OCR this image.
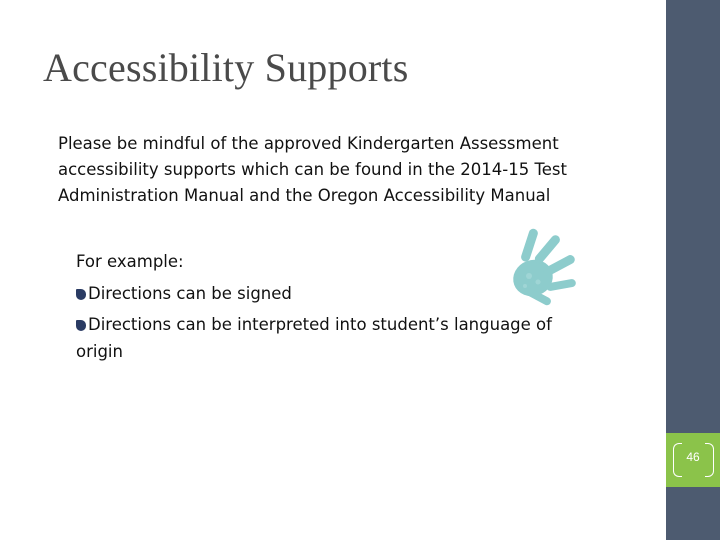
Accessibility Supports
Please be mindful of the approved Kindergarten Assessment
accessibility supports which can be found in the 2014-15 Test
Administration Manual and the Oregon Accessibility Manual
For example:
Directions can be signed
Directions can be interpreted into student’s language of
origin
46
